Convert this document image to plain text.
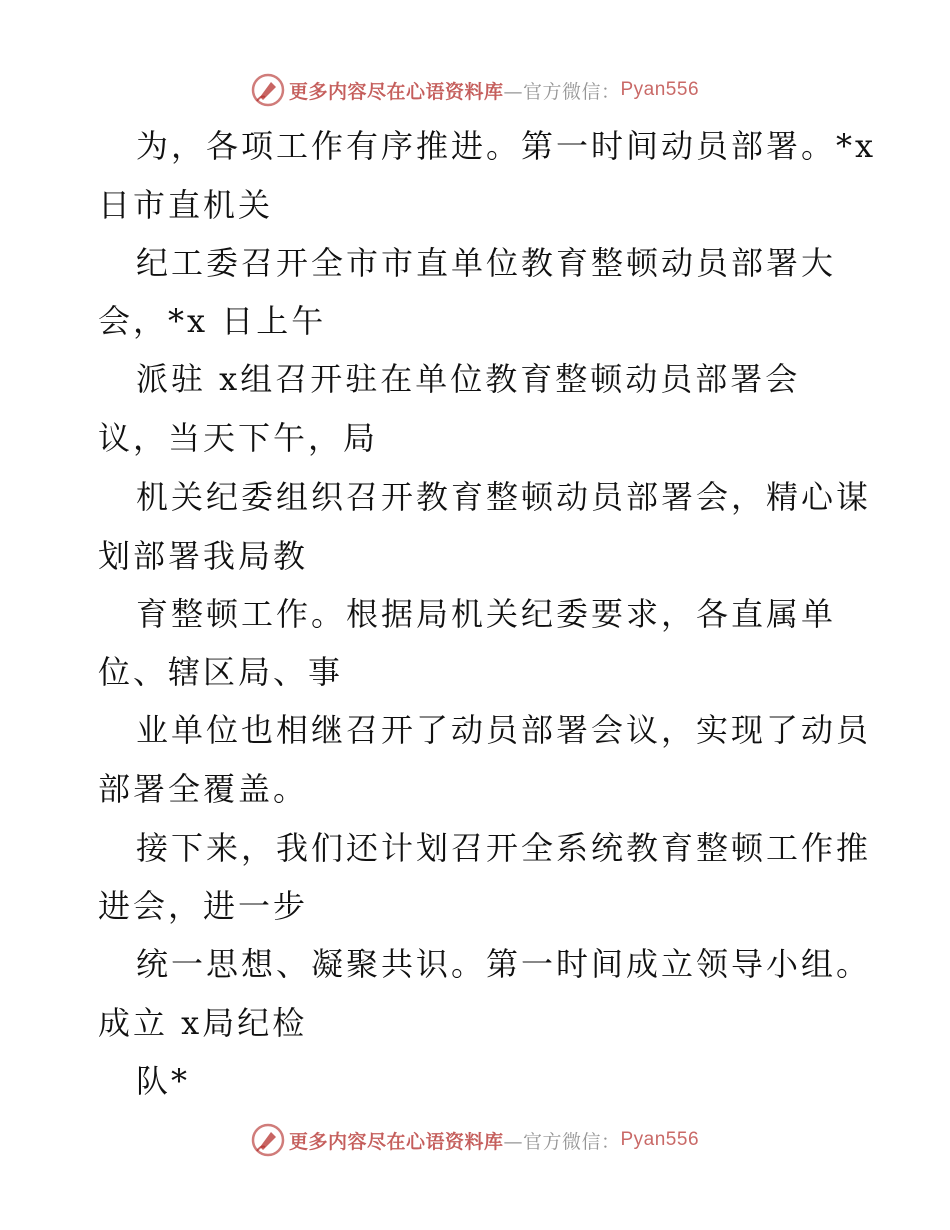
更多内容尽在心语资料库 —官方微信： Pyan556
为，各项工作有序推进。第一时间动员部署。*x
日市直机关
纪工委召开全市市直单位教育整顿动员部署大
会，*x 日上午
派驻 x组召开驻在单位教育整顿动员部署会
议，当天下午，局
机关纪委组织召开教育整顿动员部署会，精心谋
划部署我局教
育整顿工作。根据局机关纪委要求，各直属单
位、辖区局、事
业单位也相继召开了动员部署会议，实现了动员
部署全覆盖。
接下来，我们还计划召开全系统教育整顿工作推
进会，进一步
统一思想、凝聚共识。第一时间成立领导小组。
成立 x局纪检
队*
更多内容尽在心语资料库 —官方微信： Pyan556
